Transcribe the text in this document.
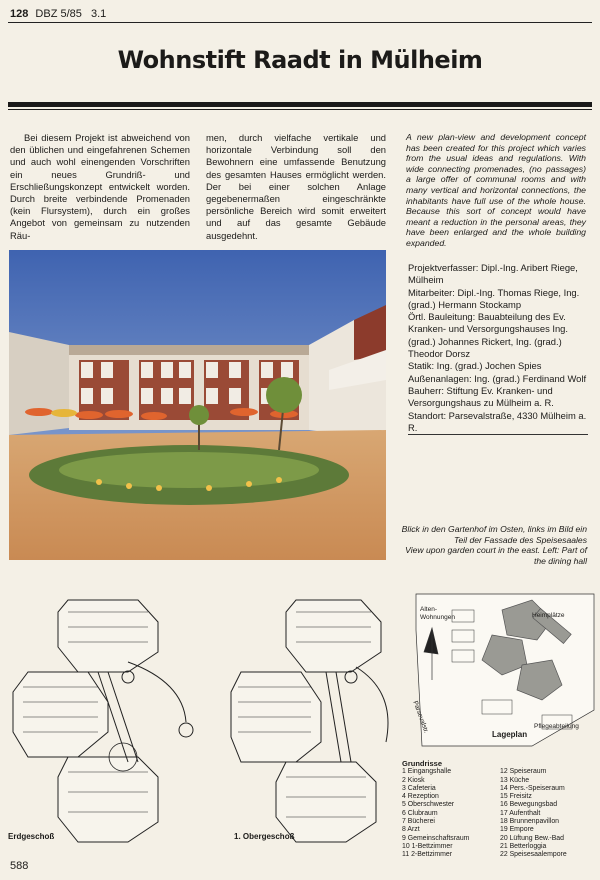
128 DBZ 5/85 3.1
Wohnstift Raadt in Mülheim
Bei diesem Projekt ist abweichend von den üblichen und eingefahrenen Schemen und auch wohl einengenden Vorschriften ein neues Grundriß- und Erschließungskonzept entwickelt worden. Durch breite verbindende Promenaden (kein Flursystem), durch ein großes Angebot von gemeinsam zu nutzenden Räu-
men, durch vielfache vertikale und horizontale Verbindung soll den Bewohnern eine umfassende Benutzung des gesamten Hauses ermöglicht werden. Der bei einer solchen Anlage gegebenermaßen eingeschränkte persönliche Bereich wird somit erweitert und auf das gesamte Gebäude ausgedehnt.
A new plan-view and development concept has been created for this project which varies from the usual ideas and regulations. With wide connecting promenades, (no passages) a large offer of communal rooms and with many vertical and horizontal connections, the inhabitants have full use of the whole house. Because this sort of concept would have meant a reduction in the personal areas, they have been enlarged and the whole building expanded.

Projektverfasser: Dipl.-Ing. Aribert Riege, Mülheim

Mitarbeiter: Dipl.-Ing. Thomas Riege, Ing. (grad.) Hermann Stockamp

Örtl. Bauleitung: Bauabteilung des Ev. Kranken- und Versorgungshauses Ing. (grad.) Johannes Rickert, Ing. (grad.) Theodor Dorsz

Statik: Ing. (grad.) Jochen Spies

Außenanlagen: Ing. (grad.) Ferdinand Wolf

Bauherr: Stiftung Ev. Kranken- und Versorgungshaus zu Mülheim a. R.

Standort: Parsevalstraße, 4330 Mülheim a. R.

Blick in den Gartenhof im Osten, links im Bild ein Teil der Fassade des Speisesaales
View upon garden court in the east. Left: Part of the dining hall
Erdgeschoß	1. Obergeschoß
Alten-Wohnungen	Heimplätze
Pflegeabteilung
Parsevalstr.
Lageplan
Grundrisse
1 Eingangshalle
2 Kiosk
3 Cafeteria
4 Rezeption
5 Oberschwester
6 Clubraum
7 Bücherei
8 Arzt
9 Gemeinschaftsraum
10 1-Bettzimmer
11 2-Bettzimmer
12 Speiseraum
13 Küche
14 Pers.-Speiseraum
15 Freisitz
16 Bewegungsbad
17 Aufenthalt
18 Brunnenpavillon
19 Empore
20 Lüftung Bew.-Bad
21 Betterloggia
22 Speisesaalempore
588
